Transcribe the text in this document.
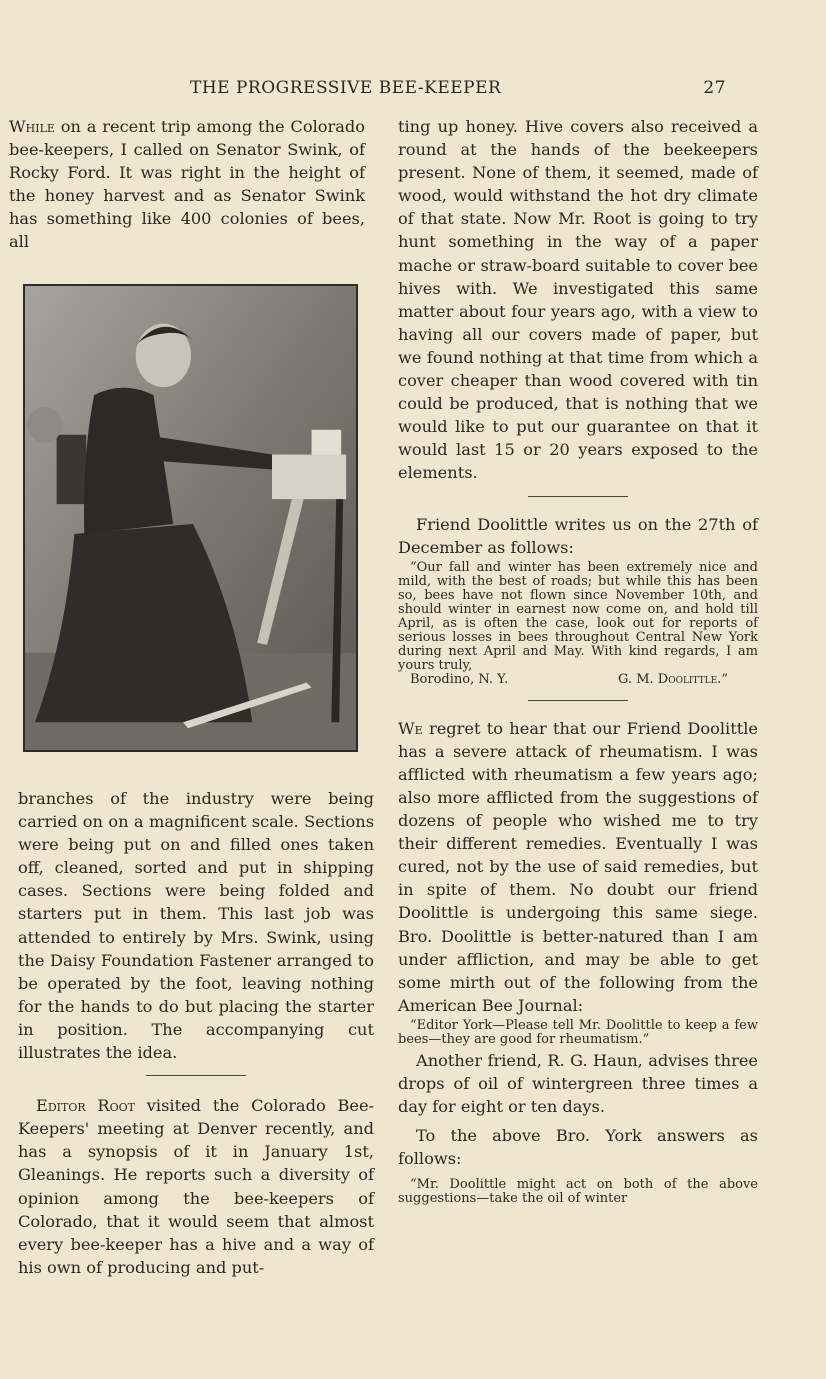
THE PROGRESSIVE BEE-KEEPER	27

While on a recent trip among the Colorado bee-keepers, I called on Senator Swink, of Rocky Ford. It was right in the height of the honey harvest and as Senator Swink has something like 400 colonies of bees, all

branches of the industry were being carried on on a magnificent scale. Sections were being put on and filled ones taken off, cleaned, sorted and put in shipping cases. Sections were being folded and starters put in them. This last job was attended to entirely by Mrs. Swink, using the Daisy Foundation Fastener arranged to be operated by the foot, leaving nothing for the hands to do but placing the starter in position. The accompanying cut illustrates the idea.

Editor Root visited the Colorado Bee-Keepers' meeting at Denver recently, and has a synopsis of it in January 1st, Gleanings. He reports such a diversity of opinion among the bee-keepers of Colorado, that it would seem that almost every bee-keeper has a hive and a way of his own of producing and put-

ting up honey. Hive covers also received a round at the hands of the beekeepers present. None of them, it seemed, made of wood, would withstand the hot dry climate of that state. Now Mr. Root is going to try hunt something in the way of a paper mache or straw-board suitable to cover bee hives with. We investigated this same matter about four years ago, with a view to having all our covers made of paper, but we found nothing at that time from which a cover cheaper than wood covered with tin could be produced, that is nothing that we would like to put our guarantee on that it would last 15 or 20 years exposed to the elements.

Friend Doolittle writes us on the 27th of December as follows:

“Our fall and winter has been extremely nice and mild, with the best of roads; but while this has been so, bees have not flown since November 10th, and should winter in earnest now come on, and hold till April, as is often the case, look out for reports of serious losses in bees throughout Central New York during next April and May. With kind regards, I am yours truly,

Borodino, N. Y.	G. M. Doolittle.”

We regret to hear that our Friend Doolittle has a severe attack of rheumatism. I was afflicted with rheumatism a few years ago; also more afflicted from the suggestions of dozens of people who wished me to try their different remedies. Eventually I was cured, not by the use of said remedies, but in spite of them. No doubt our friend Doolittle is undergoing this same siege. Bro. Doolittle is better-natured than I am under affliction, and may be able to get some mirth out of the following from the American Bee Journal:

“Editor York—Please tell Mr. Doolittle to keep a few bees—they are good for rheumatism.”

Another friend, R. G. Haun, advises three drops of oil of wintergreen three times a day for eight or ten days.

To the above Bro. York answers as follows:

“Mr. Doolittle might act on both of the above suggestions—take the oil of winter
